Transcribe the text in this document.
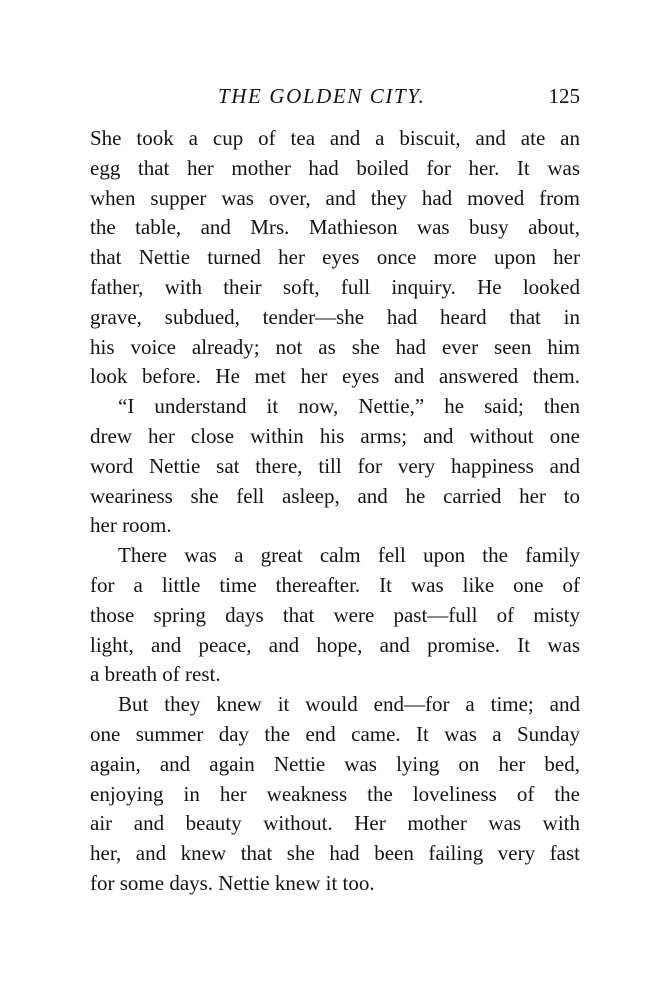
THE GOLDEN CITY.	125
She took a cup of tea and a biscuit, and ate an
egg that her mother had boiled for her. It was
when supper was over, and they had moved from
the table, and Mrs. Mathieson was busy about,
that Nettie turned her eyes once more upon her
father, with their soft, full inquiry. He looked
grave, subdued, tender—she had heard that in
his voice already; not as she had ever seen him
look before. He met her eyes and answered them.
“I understand it now, Nettie,” he said; then
drew her close within his arms; and without one
word Nettie sat there, till for very happiness and
weariness she fell asleep, and he carried her to
her room.
There was a great calm fell upon the family
for a little time thereafter. It was like one of
those spring days that were past—full of misty
light, and peace, and hope, and promise. It was
a breath of rest.
But they knew it would end—for a time; and
one summer day the end came. It was a Sunday
again, and again Nettie was lying on her bed,
enjoying in her weakness the loveliness of the
air and beauty without. Her mother was with
her, and knew that she had been failing very fast
for some days. Nettie knew it too.
